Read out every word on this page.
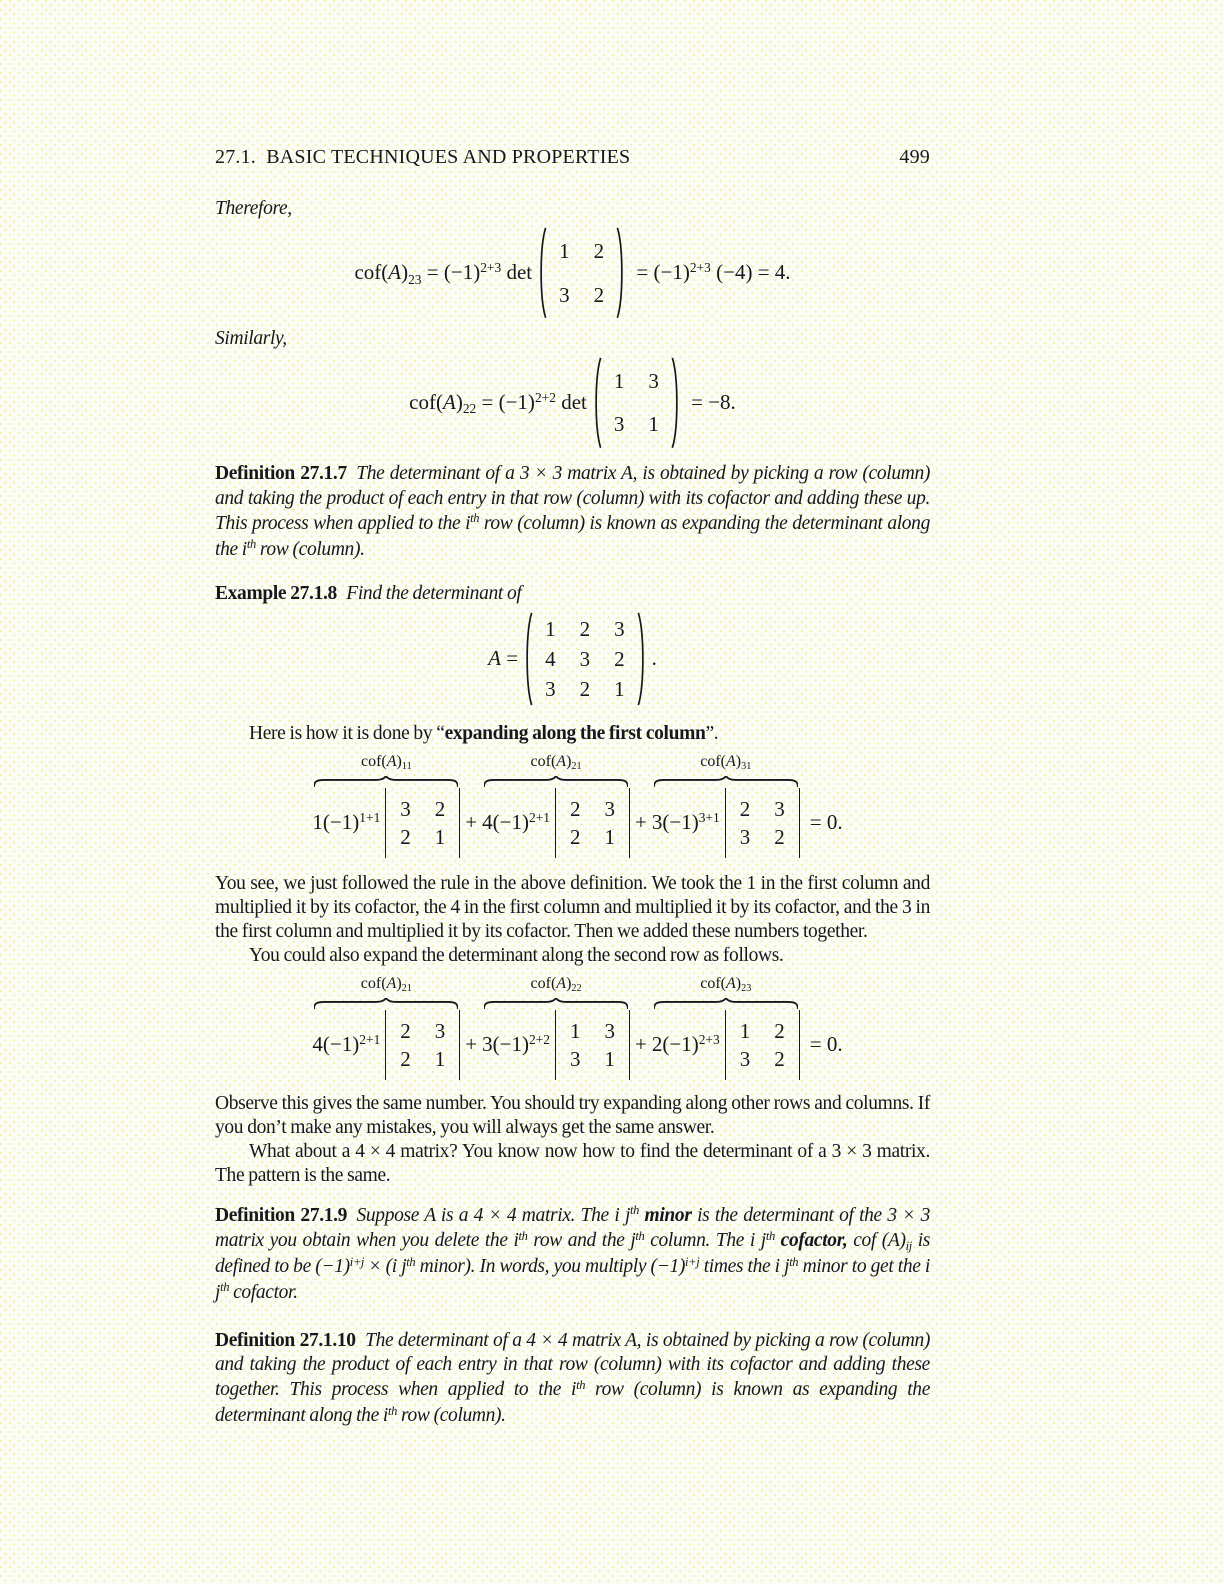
27.1. BASIC TECHNIQUES AND PROPERTIES	499

Therefore,

$cof(A)_{23} = (-1)^{2+3}$ det
1 2
3 2
= $(-1)^{2+3}$ (−4) = 4.

Similarly,

$cof(A)_{22} = (-1)^{2+2}$ det
1 3
3 1
= −8.

Definition 27.1.7 The determinant of a 3 × 3 matrix A, is obtained by picking a row (column) and taking the product of each entry in that row (column) with its cofactor and adding these up. This process when applied to the $i^{th}$ row (column) is known as expanding the determinant along the $i^{th}$ row (column).

Example 27.1.8 Find the determinant of

A =
1 2 3
4 3 2
3 2 1
.

Here is how it is done by “expanding along the first column”.

$cof(A)_{11}$
$1(-1)^{1+1}$ 3 2
2 1
+
$cof(A)_{21}$
$4(-1)^{2+1}$ 2 3
2 1
+
$cof(A)_{31}$
$3(-1)^{3+1}$ 2 3
3 2
= 0.

You see, we just followed the rule in the above definition. We took the 1 in the first column and multiplied it by its cofactor, the 4 in the first column and multiplied it by its cofactor, and the 3 in the first column and multiplied it by its cofactor. Then we added these numbers together.

You could also expand the determinant along the second row as follows.

$cof(A)_{21}$
$4(-1)^{2+1}$ 2 3
2 1
+
$cof(A)_{22}$
$3(-1)^{2+2}$ 1 3
3 1
+
$cof(A)_{23}$
$2(-1)^{2+3}$ 1 2
3 2
= 0.

Observe this gives the same number. You should try expanding along other rows and columns. If you don’t make any mistakes, you will always get the same answer.

What about a 4 × 4 matrix? You know now how to find the determinant of a 3 × 3 matrix. The pattern is the same.

Definition 27.1.9 Suppose A is a 4 × 4 matrix. The i $j^{th}$ minor is the determinant of the 3 × 3 matrix you obtain when you delete the $i^{th}$ row and the $j^{th}$ column. The i $j^{th}$ cofactor, cof $(A)_{ij}$ is defined to be $(-1)^{i+j} \times (i$ $j^{th}$ minor). In words, you multiply $(-1)^{i+j}$ times the i $j^{th}$ minor to get the i $j^{th}$ cofactor.

Definition 27.1.10 The determinant of a 4 × 4 matrix A, is obtained by picking a row (column) and taking the product of each entry in that row (column) with its cofactor and adding these together. This process when applied to the $i^{th}$ row (column) is known as expanding the determinant along the $i^{th}$ row (column).
